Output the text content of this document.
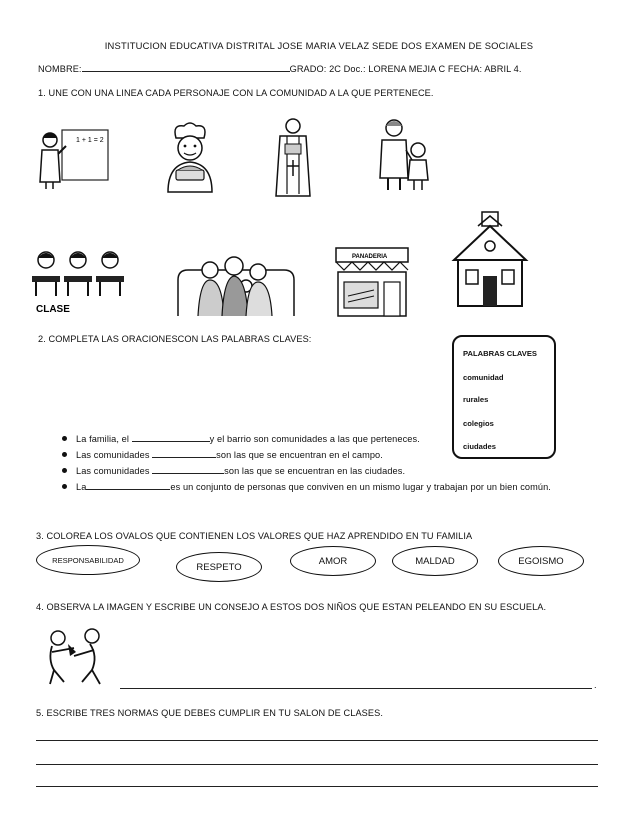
INSTITUCION EDUCATIVA DISTRITAL JOSE MARIA VELAZ SEDE DOS EXAMEN DE SOCIALES
NOMBRE:	GRADO: 2C Doc.: LORENA MEJIA C FECHA: ABRIL 4.
1. UNE CON UNA LINEA CADA PERSONAJE CON LA COMUNIDAD A LA QUE PERTENECE.
1 + 1 = 2
CLASE
PANADERIA
2. COMPLETA LAS ORACIONESCON LAS PALABRAS CLAVES:
PALABRAS CLAVES
comunidad
rurales
colegios
ciudades
La familia, el	y el barrio son comunidades a las que perteneces.
Las comunidades	son las que se encuentran en el campo.
Las comunidades	son las que se encuentran en las ciudades.
La	es un conjunto de personas que conviven en un mismo lugar y trabajan por un bien común.
3. COLOREA LOS OVALOS QUE CONTIENEN LOS VALORES QUE HAZ APRENDIDO EN TU FAMILIA
RESPONSABILIDAD
RESPETO
AMOR	MALDAD	EGOISMO
4. OBSERVA LA IMAGEN Y ESCRIBE UN CONSEJO A ESTOS DOS NIÑOS QUE ESTAN PELEANDO EN SU ESCUELA.
.
5. ESCRIBE TRES NORMAS QUE DEBES CUMPLIR EN TU SALON DE CLASES.
